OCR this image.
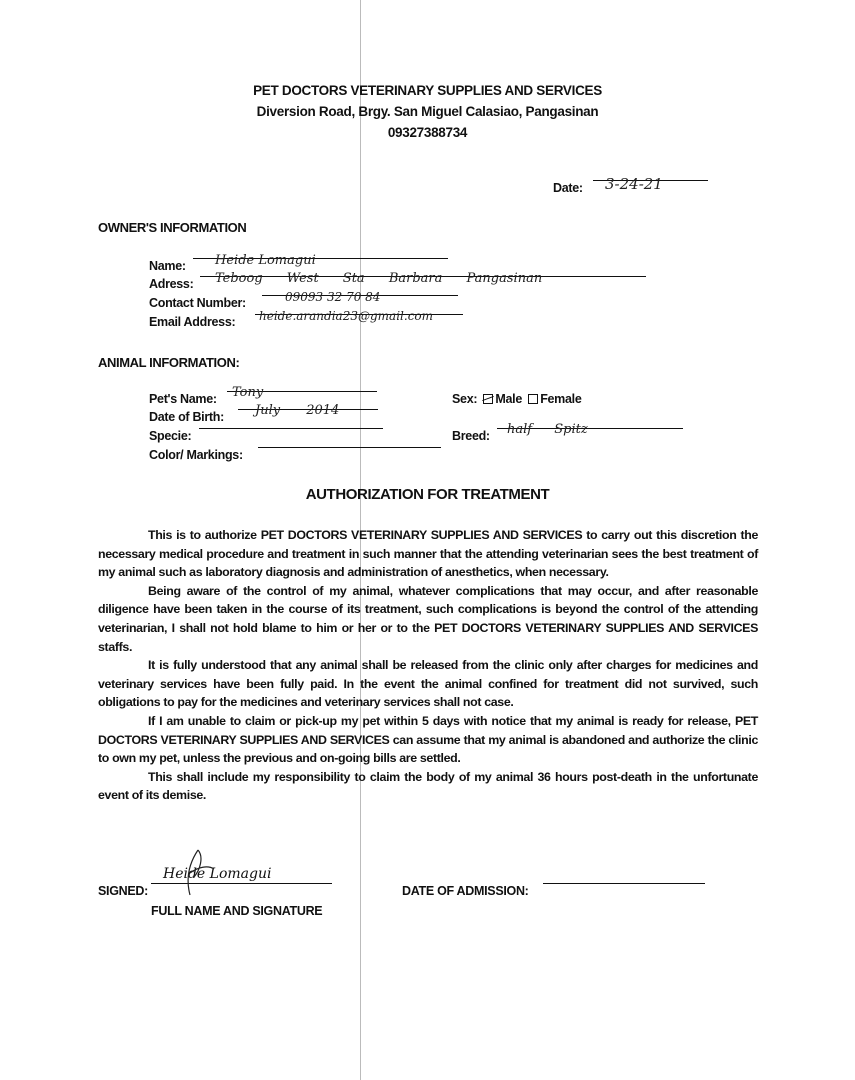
PET DOCTORS VETERINARY SUPPLIES AND SERVICES
Diversion Road, Brgy. San Miguel Calasiao, Pangasinan
09327388734
Date: 3-24-21
OWNER'S INFORMATION
Name: Heide Lomagui
Adress: Teboog West Sta Barbara Pangasinan
Contact Number:	09093 32 70 84
Email Address: heide.arandia23@gmail.com
ANIMAL INFORMATION:
Pet's Name: Tony
Date of Birth: July 2014
Specie:
Color/ Markings:
Sex: Male Female
Breed: half Spitz
AUTHORIZATION FOR TREATMENT

This is to authorize PET DOCTORS VETERINARY SUPPLIES AND SERVICES to carry out this discretion the necessary medical procedure and treatment in such manner that the attending veterinarian sees the best treatment of my animal such as laboratory diagnosis and administration of anesthetics, when necessary.

Being aware of the control of my animal, whatever complications that may occur, and after reasonable diligence have been taken in the course of its treatment, such complications is beyond the control of the attending veterinarian, I shall not hold blame to him or her or to the PET DOCTORS VETERINARY SUPPLIES AND SERVICES staffs.

It is fully understood that any animal shall be released from the clinic only after charges for medicines and veterinary services have been fully paid. In the event the animal confined for treatment did not survived, such obligations to pay for the medicines and veterinary services shall not case.

If I am unable to claim or pick-up my pet within 5 days with notice that my animal is ready for release, PET DOCTORS VETERINARY SUPPLIES AND SERVICES can assume that my animal is abandoned and authorize the clinic to own my pet, unless the previous and on-going bills are settled.

This shall include my responsibility to claim the body of my animal 36 hours post-death in the unfortunate event of its demise.

SIGNED:
Heide Lomagui
FULL NAME AND SIGNATURE
DATE OF ADMISSION:
